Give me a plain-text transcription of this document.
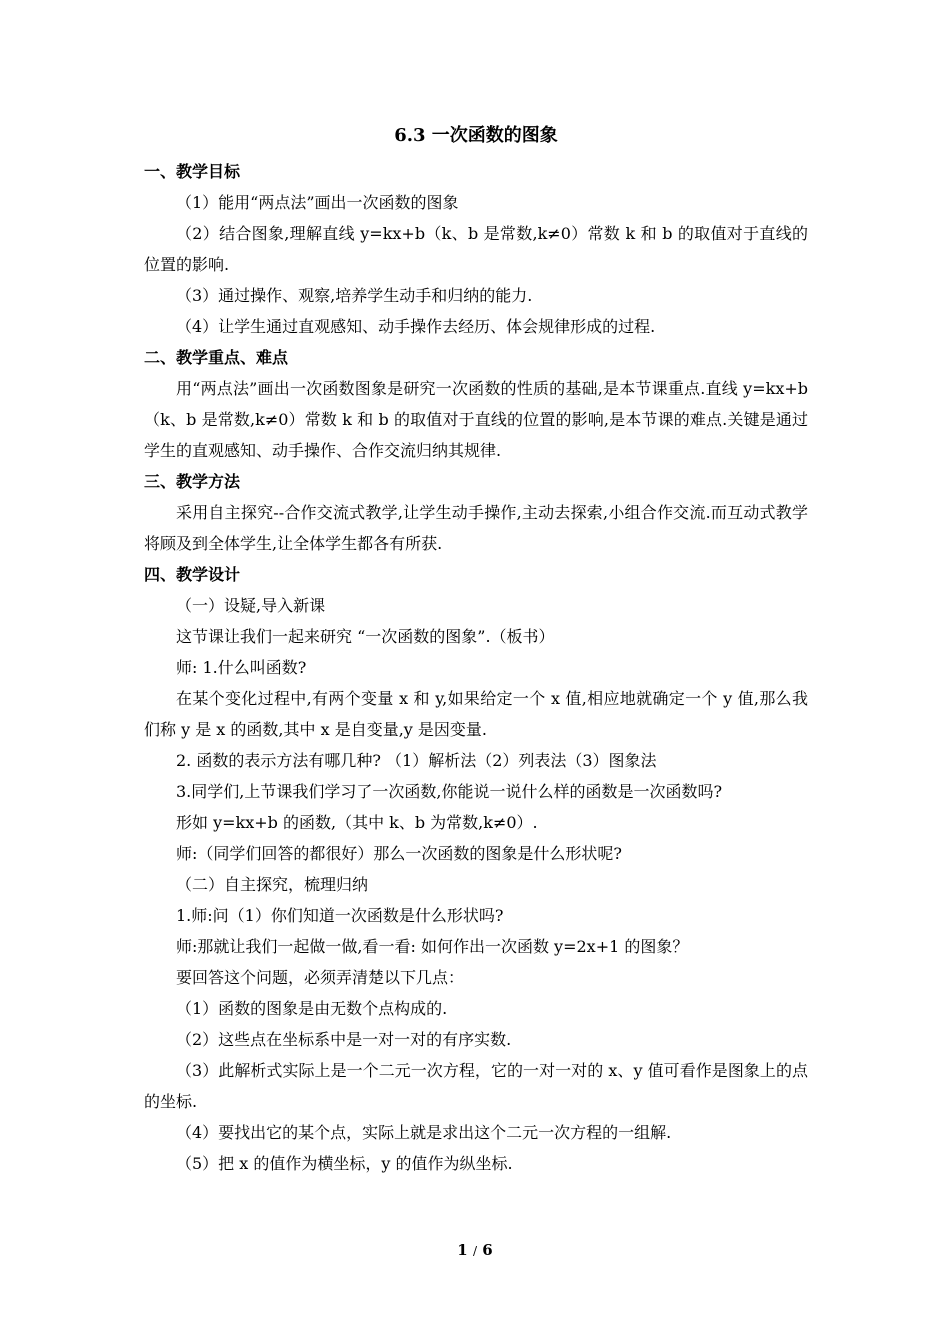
6.3 一次函数的图象
一、教学目标
（1）能用“两点法”画出一次函数的图象
（2）结合图象,理解直线 y=kx+b（k、b 是常数,k≠0）常数 k 和 b 的取值对于直线的位置的影响.
（3）通过操作、观察,培养学生动手和归纳的能力.
（4）让学生通过直观感知、动手操作去经历、体会规律形成的过程.
二、教学重点、难点
用“两点法”画出一次函数图象是研究一次函数的性质的基础,是本节课重点.直线 y=kx+b（k、b 是常数,k≠0）常数 k 和 b 的取值对于直线的位置的影响,是本节课的难点.关键是通过学生的直观感知、动手操作、合作交流归纳其规律.
三、教学方法
采用自主探究--合作交流式教学,让学生动手操作,主动去探索,小组合作交流.而互动式教学将顾及到全体学生,让全体学生都各有所获.
四、教学设计
（一）设疑,导入新课
这节课让我们一起来研究 “一次函数的图象”.（板书）
师: 1.什么叫函数?
在某个变化过程中,有两个变量 x 和 y,如果给定一个 x 值,相应地就确定一个 y 值,那么我们称 y 是 x 的函数,其中 x 是自变量,y 是因变量.
2. 函数的表示方法有哪几种? （1）解析法（2）列表法（3）图象法
3.同学们,上节课我们学习了一次函数,你能说一说什么样的函数是一次函数吗?
形如 y=kx+b 的函数,（其中 k、b 为常数,k≠0）.
师:（同学们回答的都很好）那么一次函数的图象是什么形状呢?
（二）自主探究，梳理归纳
1.师:问（1）你们知道一次函数是什么形状吗?
师:那就让我们一起做一做,看一看: 如何作出一次函数 y=2x+1 的图象？
要回答这个问题，必须弄清楚以下几点：
（1）函数的图象是由无数个点构成的.
（2）这些点在坐标系中是一对一对的有序实数.
（3）此解析式实际上是一个二元一次方程，它的一对一对的 x、y 值可看作是图象上的点的坐标.
（4）要找出它的某个点，实际上就是求出这个二元一次方程的一组解.
（5）把 x 的值作为横坐标，y 的值作为纵坐标.
1 / 6
